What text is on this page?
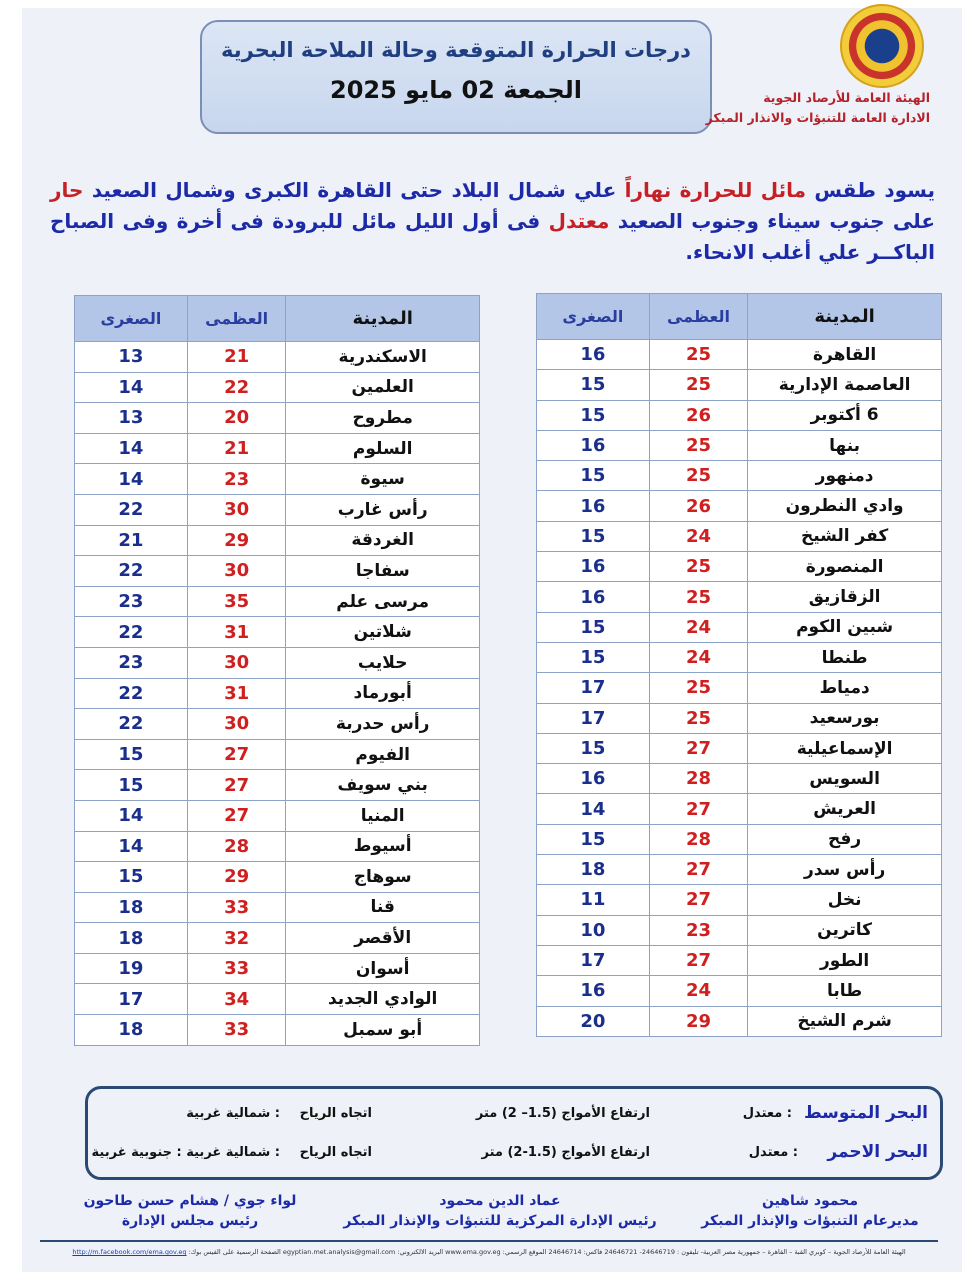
درجات الحرارة المتوقعة وحالة الملاحة البحرية
الجمعة 02 مايو 2025	الهيئة العامة للأرصاد الجوية
الادارة العامة للتنبؤات والانذار المبكر
يسود طقس مائل للحرارة نهاراً علي شمال البلاد حتى القاهرة الكبرى وشمال الصعيد حار على جنوب سيناء وجنوب الصعيد معتدل فى أول الليل مائل للبرودة فى أخرة وفى الصباح الباكــر علي أغلب الانحاء.
المدينة	العظمى	الصغرى
القاهرة	25	16
العاصمة الإدارية	25	15
6 أكتوبر	26	15
بنها	25	16
دمنهور	25	15
وادي النطرون	26	16
كفر الشيخ	24	15
المنصورة	25	16
الزقازيق	25	16
شبين الكوم	24	15
طنطا	24	15
دمياط	25	17
بورسعيد	25	17
الإسماعيلية	27	15
السويس	28	16
العريش	27	14
رفح	28	15
رأس سدر	27	18
نخل	27	11
كاترين	23	10
الطور	27	17
طابا	24	16
شرم الشيخ	29	20
المدينة	العظمى	الصغرى
الاسكندرية	21	13
العلمين	22	14
مطروح	20	13
السلوم	21	14
سيوة	23	14
رأس غارب	30	22
الغردقة	29	21
سفاجا	30	22
مرسى علم	35	23
شلاتين	31	22
حلايب	30	23
أبورماد	31	22
رأس حدربة	30	22
الفيوم	27	15
بني سويف	27	15
المنيا	27	14
أسيوط	28	14
سوهاج	29	15
قنا	33	18
الأقصر	32	18
أسوان	33	19
الوادي الجديد	34	17
أبو سمبل	33	18
البحر المتوسط
: معتدل
ارتفاع الأمواج (1.5– 2) متر
اتجاه الرياح
: شمالية غربية
البحر الاحمر
: معتدل
ارتفاع الأمواج (1.5-2) متر
اتجاه الرياح
: شمالية غربية : جنوبية غربية
محمود شاهين
مديرعام التنبؤات والإنذار المبكر
عماد الدين محمود
رئيس الإدارة المركزية للتنبؤات والإنذار المبكر
لواء جوي / هشام حسن طاحون
رئيس مجلس الإدارة
الهيئة العامة للأرصاد الجوية – كوبري القبة – القاهرة – جمهورية مصر العربية- تليفون : 24646719- 24646721 فاكس: 24646714 الموقع الرسمي: www.ema.gov.eg البريد الالكتروني: egyptian.met.analysis@gmail.com الصفحة الرسمية على الفيس بوك: http://m.facebook.com/ema.gov.eg
